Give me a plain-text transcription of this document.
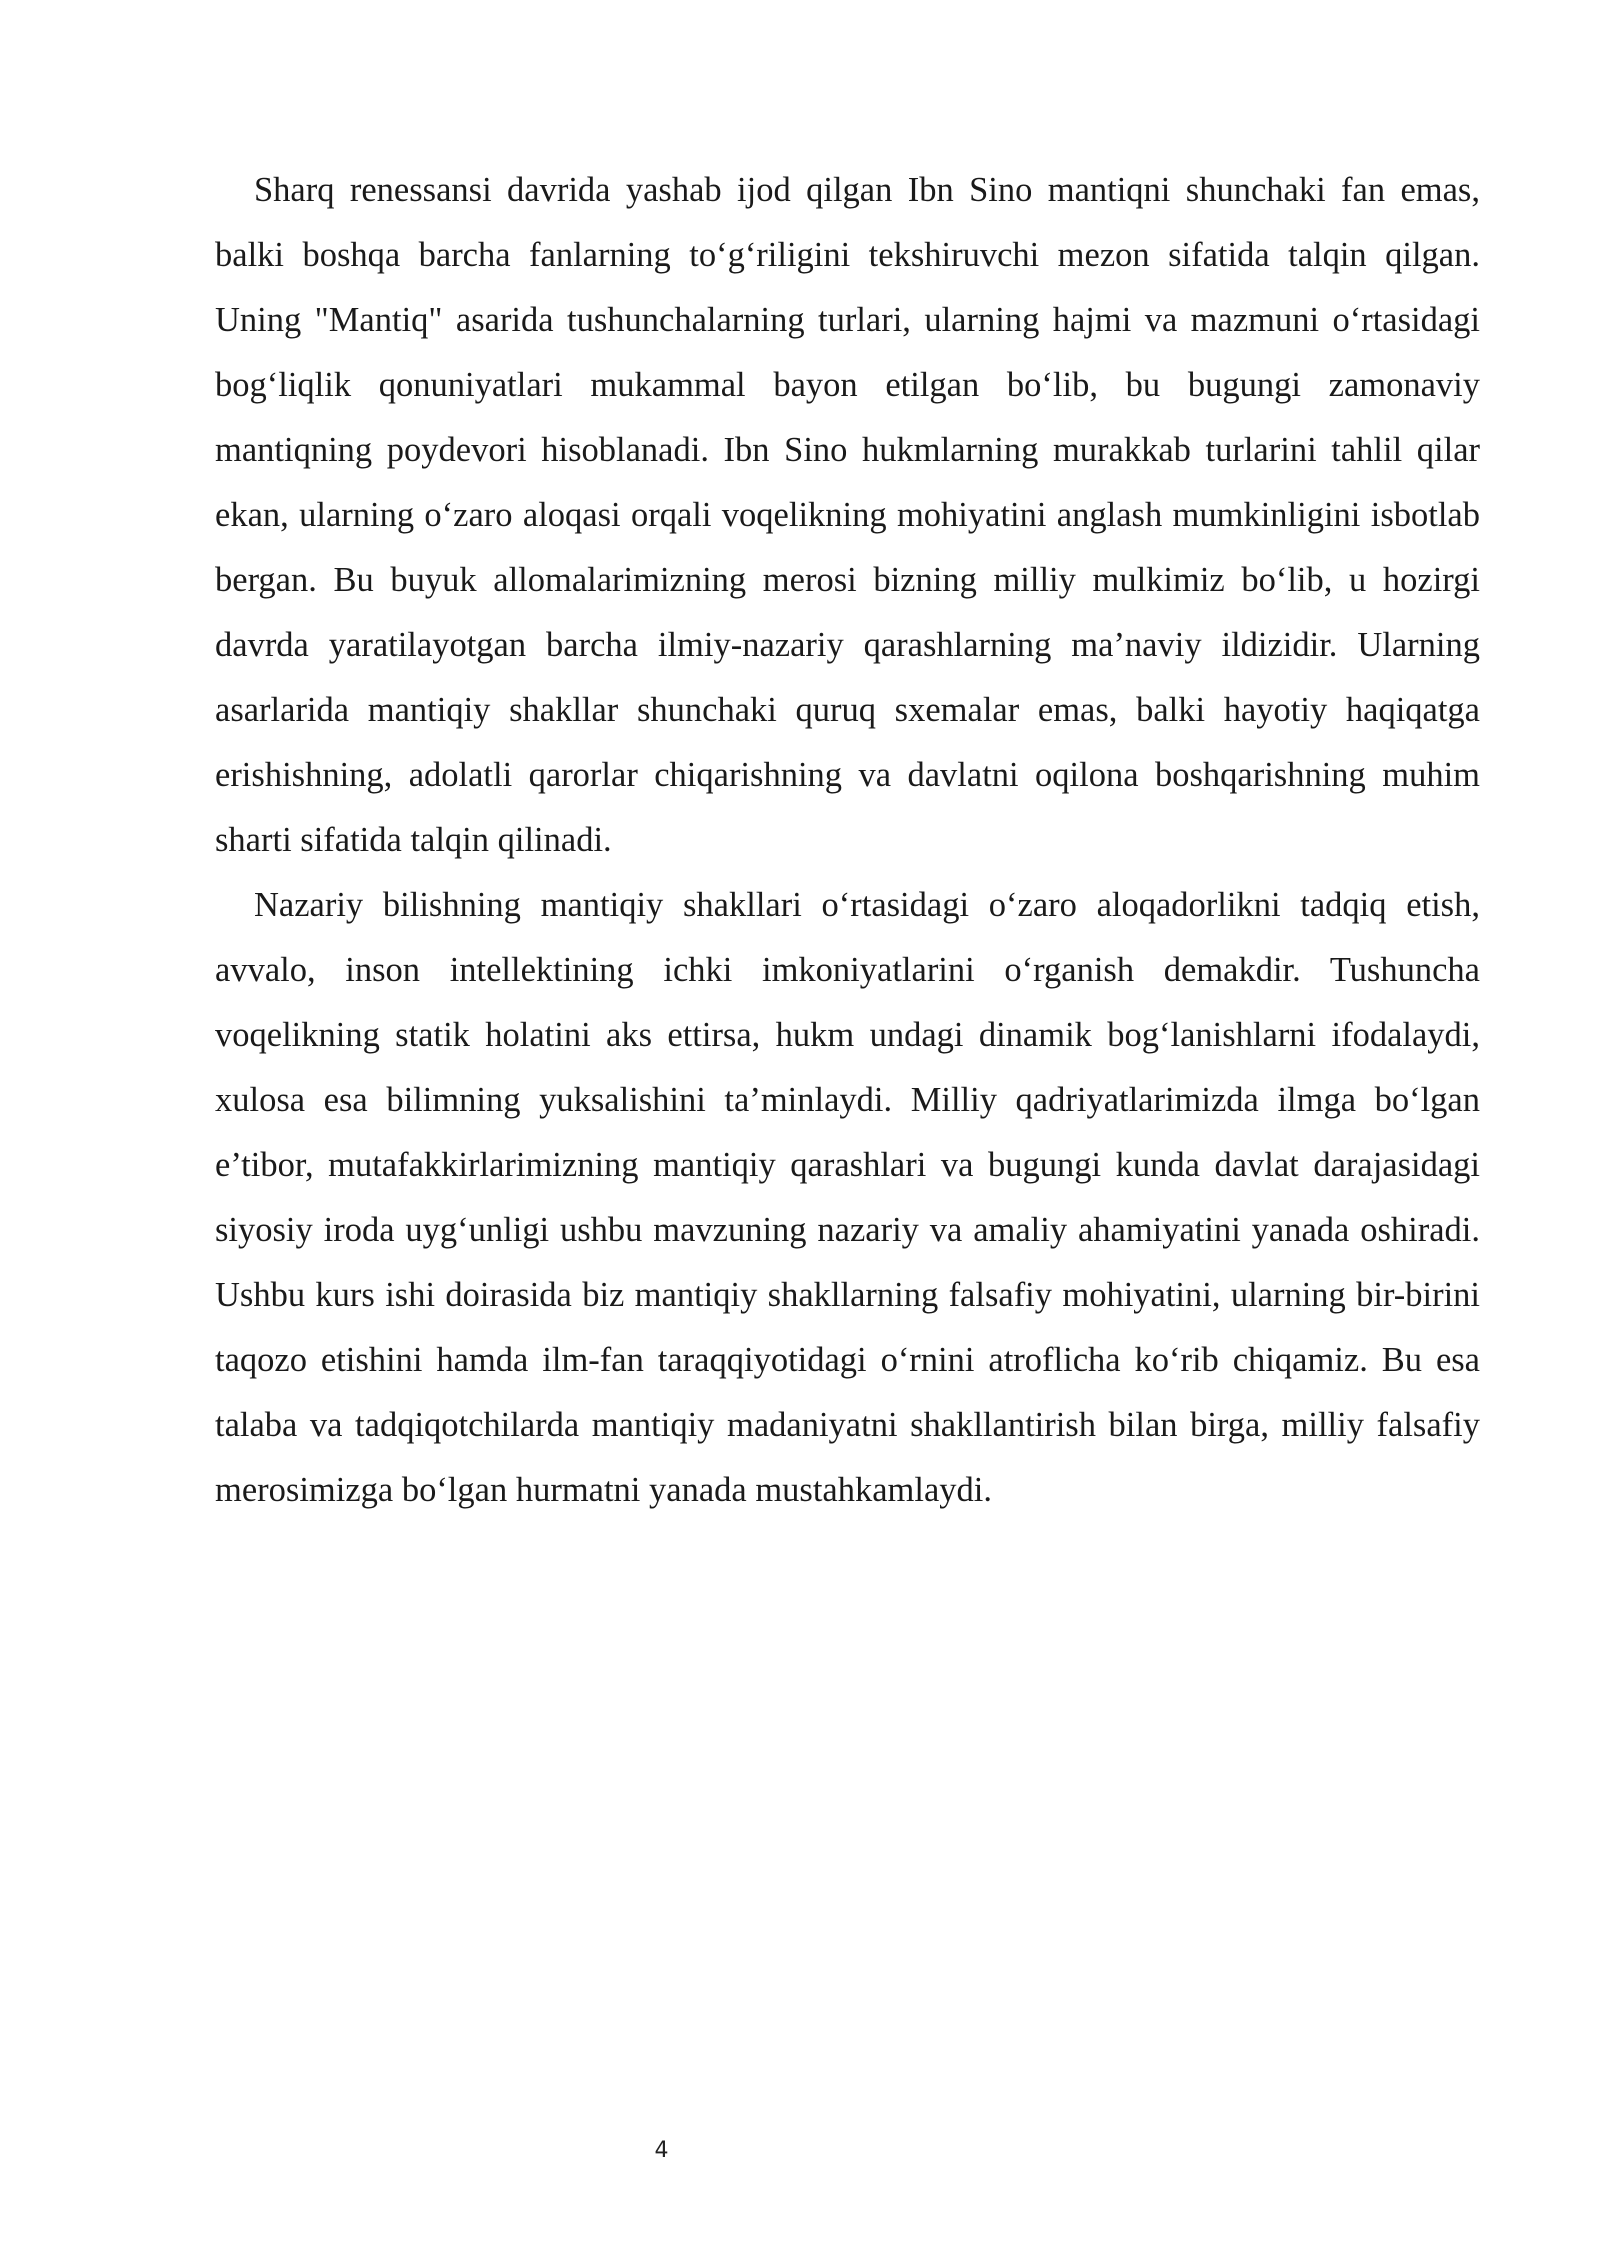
Sharq renessansi davrida yashab ijod qilgan Ibn Sino mantiqni shunchaki fan emas, balki boshqa barcha fanlarning to‘g‘riligini tekshiruvchi mezon sifatida talqin qilgan. Uning "Mantiq" asarida tushunchalarning turlari, ularning hajmi va mazmuni o‘rtasidagi bog‘liqlik qonuniyatlari mukammal bayon etilgan bo‘lib, bu bugungi zamonaviy mantiqning poydevori hisoblanadi. Ibn Sino hukmlarning murakkab turlarini tahlil qilar ekan, ularning o‘zaro aloqasi orqali voqelikning mohiyatini anglash mumkinligini isbotlab bergan. Bu buyuk allomalarimizning merosi bizning milliy mulkimiz bo‘lib, u hozirgi davrda yaratilayotgan barcha ilmiy-nazariy qarashlarning ma’naviy ildizidir. Ularning asarlarida mantiqiy shakllar shunchaki quruq sxemalar emas, balki hayotiy haqiqatga erishishning, adolatli qarorlar chiqarishning va davlatni oqilona boshqarishning muhim sharti sifatida talqin qilinadi.

Nazariy bilishning mantiqiy shakllari o‘rtasidagi o‘zaro aloqadorlikni tadqiq etish, avvalo, inson intellektining ichki imkoniyatlarini o‘rganish demakdir. Tushuncha voqelikning statik holatini aks ettirsa, hukm undagi dinamik bog‘lanishlarni ifodalaydi, xulosa esa bilimning yuksalishini ta’minlaydi. Milliy qadriyatlarimizda ilmga bo‘lgan e’tibor, mutafakkirlarimizning mantiqiy qarashlari va bugungi kunda davlat darajasidagi siyosiy iroda uyg‘unligi ushbu mavzuning nazariy va amaliy ahamiyatini yanada oshiradi. Ushbu kurs ishi doirasida biz mantiqiy shakllarning falsafiy mohiyatini, ularning bir-birini taqozo etishini hamda ilm-fan taraqqiyotidagi o‘rnini atroflicha ko‘rib chiqamiz. Bu esa talaba va tadqiqotchilarda mantiqiy madaniyatni shakllantirish bilan birga, milliy falsafiy merosimizga bo‘lgan hurmatni yanada mustahkamlaydi.

4
